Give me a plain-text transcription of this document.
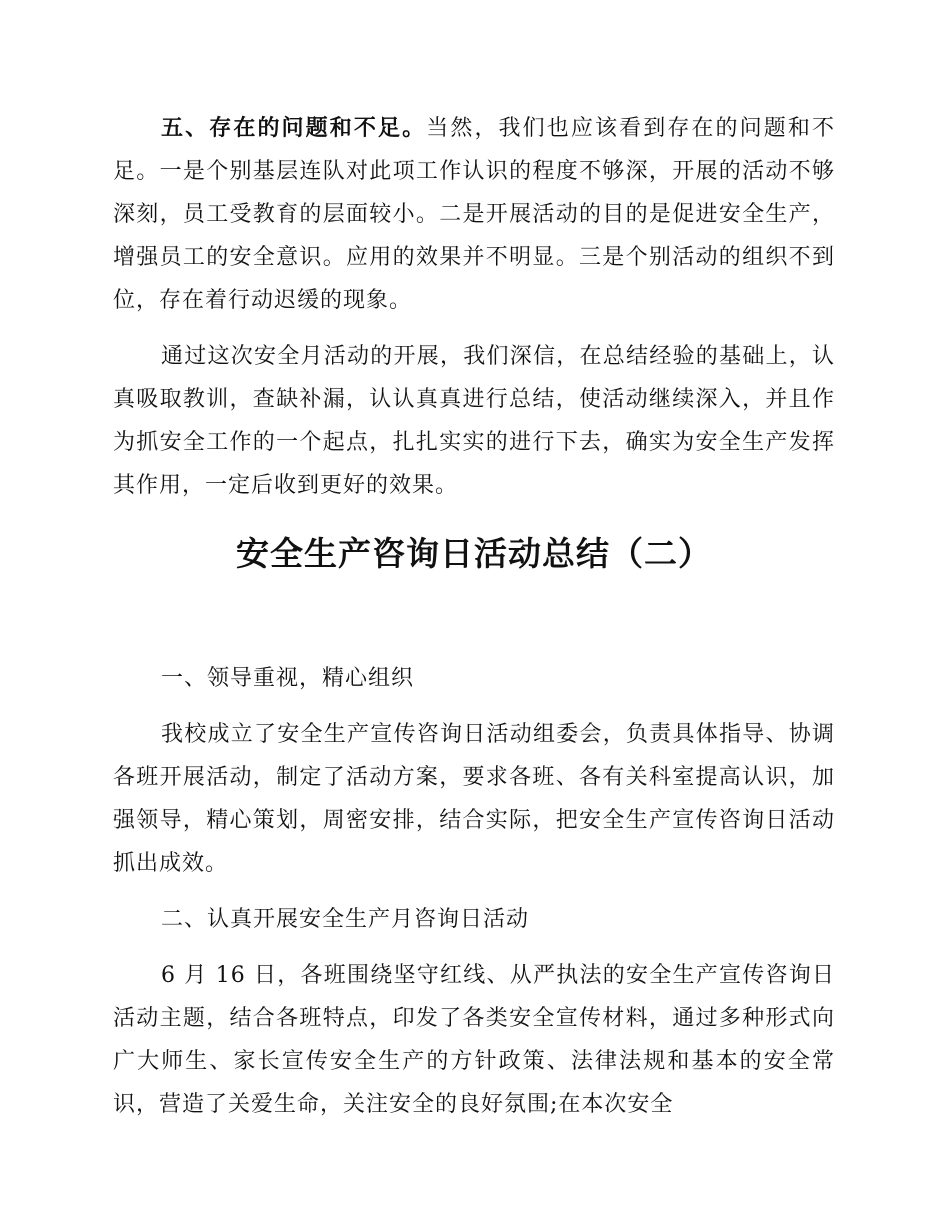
五、存在的问题和不足。当然，我们也应该看到存在的问题和不足。一是个别基层连队对此项工作认识的程度不够深，开展的活动不够深刻，员工受教育的层面较小。二是开展活动的目的是促进安全生产，增强员工的安全意识。应用的效果并不明显。三是个别活动的组织不到位，存在着行动迟缓的现象。

通过这次安全月活动的开展，我们深信，在总结经验的基础上，认真吸取教训，查缺补漏，认认真真进行总结，使活动继续深入，并且作为抓安全工作的一个起点，扎扎实实的进行下去，确实为安全生产发挥其作用，一定后收到更好的效果。

安全生产咨询日活动总结（二）

一、领导重视，精心组织

我校成立了安全生产宣传咨询日活动组委会，负责具体指导、协调各班开展活动，制定了活动方案，要求各班、各有关科室提高认识，加强领导，精心策划，周密安排，结合实际，把安全生产宣传咨询日活动抓出成效。

二、认真开展安全生产月咨询日活动

6 月 16 日，各班围绕坚守红线、从严执法的安全生产宣传咨询日活动主题，结合各班特点，印发了各类安全宣传材料，通过多种形式向广大师生、家长宣传安全生产的方针政策、法律法规和基本的安全常识，营造了关爱生命，关注安全的良好氛围;在本次安全
